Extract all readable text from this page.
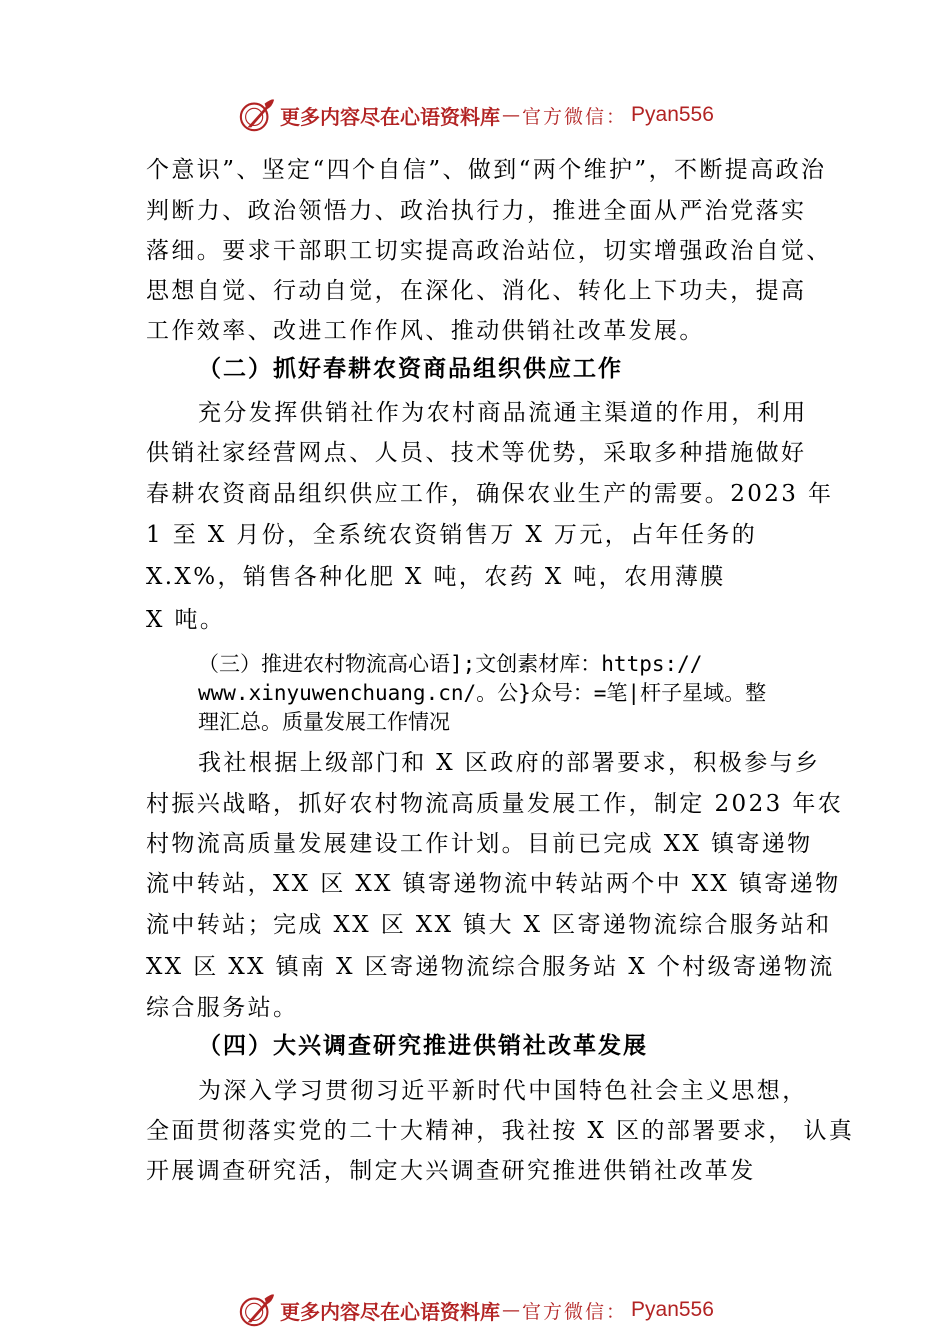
更多内容尽在心语资料库 — 官方微信： Pyan556
个意识”、坚定“四个自信”、做到“两个维护”，不断提高政治
判断力、政治领悟力、政治执行力，推进全面从严治党落实
落细。要求干部职工切实提高政治站位，切实增强政治自觉、
思想自觉、行动自觉，在深化、消化、转化上下功夫，提高
工作效率、改进工作作风、推动供销社改革发展。
（二）抓好春耕农资商品组织供应工作
充分发挥供销社作为农村商品流通主渠道的作用，利用
供销社家经营网点、人员、技术等优势，采取多种措施做好
春耕农资商品组织供应工作，确保农业生产的需要。2023 年
1 至 X 月份，全系统农资销售万 X 万元，占年任务的
X.X%，销售各种化肥 X 吨，农药 X 吨，农用薄膜
X 吨。
（三）推进农村物流高心语];文创素材库：https://
www.xinyuwenchuang.cn/。公}众号：=笔|杆子星域。整
理汇总。质量发展工作情况
我社根据上级部门和 X 区政府的部署要求，积极参与乡
村振兴战略，抓好农村物流高质量发展工作，制定 2023 年农
村物流高质量发展建设工作计划。目前已完成 XX 镇寄递物
流中转站，XX 区 XX 镇寄递物流中转站两个中 XX 镇寄递物
流中转站；完成 XX 区 XX 镇大 X 区寄递物流综合服务站和
XX 区 XX 镇南 X 区寄递物流综合服务站 X 个村级寄递物流
综合服务站。
（四）大兴调查研究推进供销社改革发展
为深入学习贯彻习近平新时代中国特色社会主义思想，
全面贯彻落实党的二十大精神，我社按 X 区的部署要求， 认真
开展调查研究活，制定大兴调查研究推进供销社改革发
更多内容尽在心语资料库 — 官方微信： Pyan556
